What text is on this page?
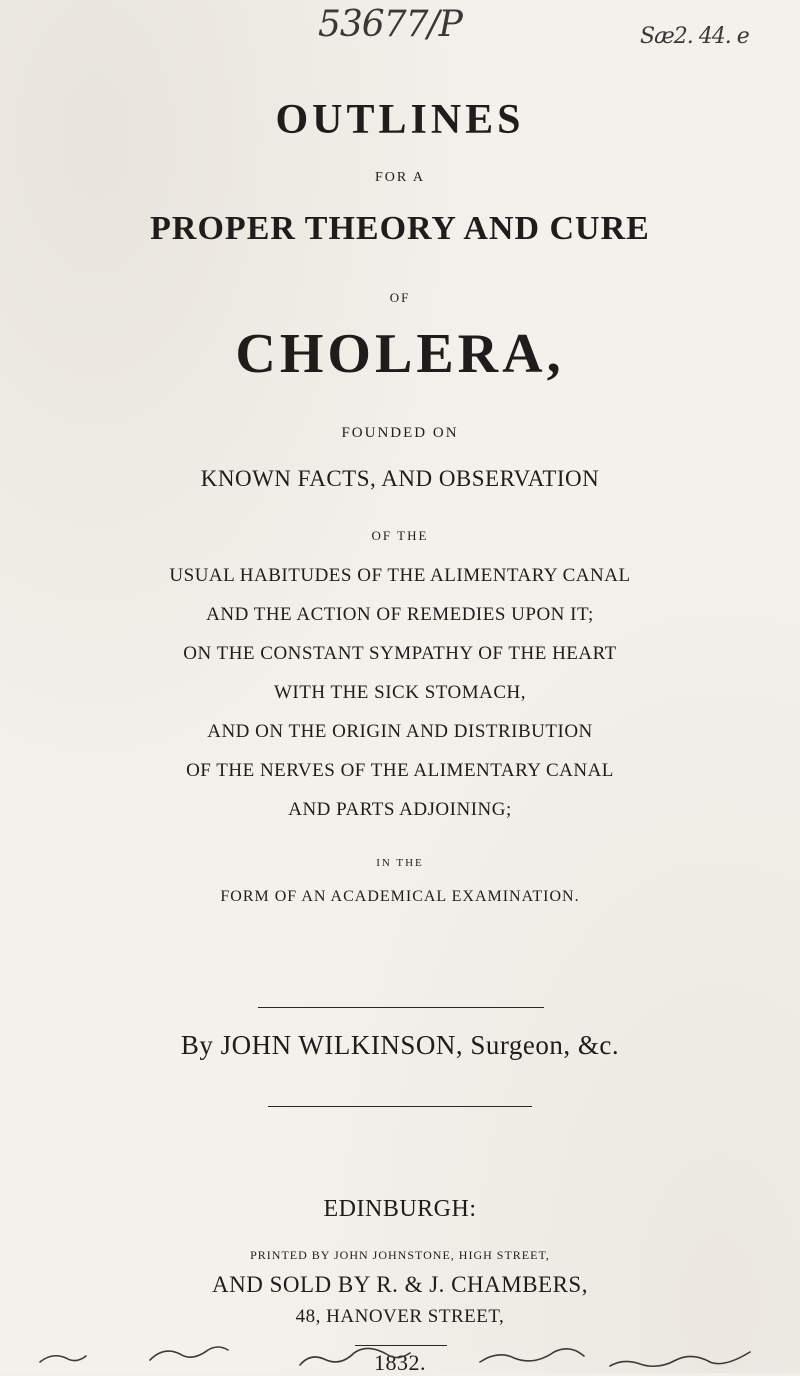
53677/P	Sæ2. 44. e
OUTLINES
FOR A
PROPER THEORY AND CURE
OF
CHOLERA,
FOUNDED ON
KNOWN FACTS, AND OBSERVATION
OF THE
USUAL HABITUDES OF THE ALIMENTARY CANAL
AND THE ACTION OF REMEDIES UPON IT;
ON THE CONSTANT SYMPATHY OF THE HEART
WITH THE SICK STOMACH,
AND ON THE ORIGIN AND DISTRIBUTION
OF THE NERVES OF THE ALIMENTARY CANAL
AND PARTS ADJOINING;
IN THE
FORM OF AN ACADEMICAL EXAMINATION.
By JOHN WILKINSON, Surgeon, &c.
EDINBURGH:
PRINTED BY JOHN JOHNSTONE, HIGH STREET,
AND SOLD BY R. & J. CHAMBERS,
48, HANOVER STREET,
1832.
